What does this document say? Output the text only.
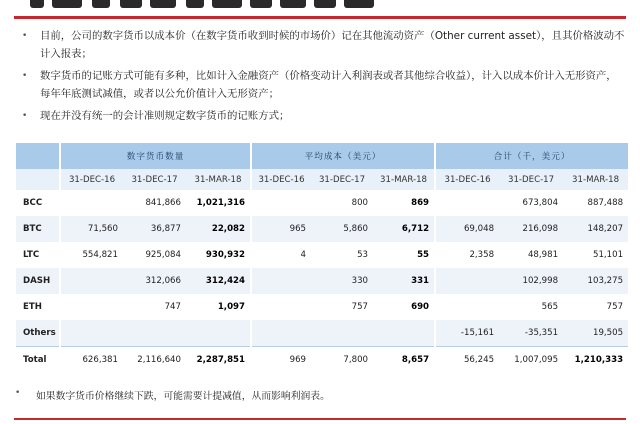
• 目前，公司的数字货币以成本价（在数字货币收到时候的市场价）记在其他流动资产（Other current asset），且其价格波动不计入报表；
• 数字货币的记账方式可能有多种，比如计入金融资产（价格变动计入利润表或者其他综合收益），计入以成本价计入无形资产，每年年底测试减值，或者以公允价值计入无形资产；
• 现在并没有统一的会计准则规定数字货币的记账方式；
	数字货币数量			平均成本（美元）			合计（千，美元）		
	31-DEC-16	31-DEC-17	31-MAR-18	31-DEC-16	31-DEC-17	31-MAR-18	31-DEC-16	31-DEC-17	31-MAR-18
BCC		841,866	1,021,316		800	869		673,804	887,488
BTC	71,560	36,877	22,082	965	5,860	6,712	69,048	216,098	148,207
LTC	554,821	925,084	930,932	4	53	55	2,358	48,981	51,101
DASH		312,066	312,424		330	331		102,998	103,275
ETH		747	1,097		757	690		565	757
Others							-15,161	-35,351	19,505
Total	626,381	2,116,640	2,287,851	969	7,800	8,657	56,245	1,007,095	1,210,333
• 如果数字货币价格继续下跌，可能需要计提减值，从而影响利润表。
